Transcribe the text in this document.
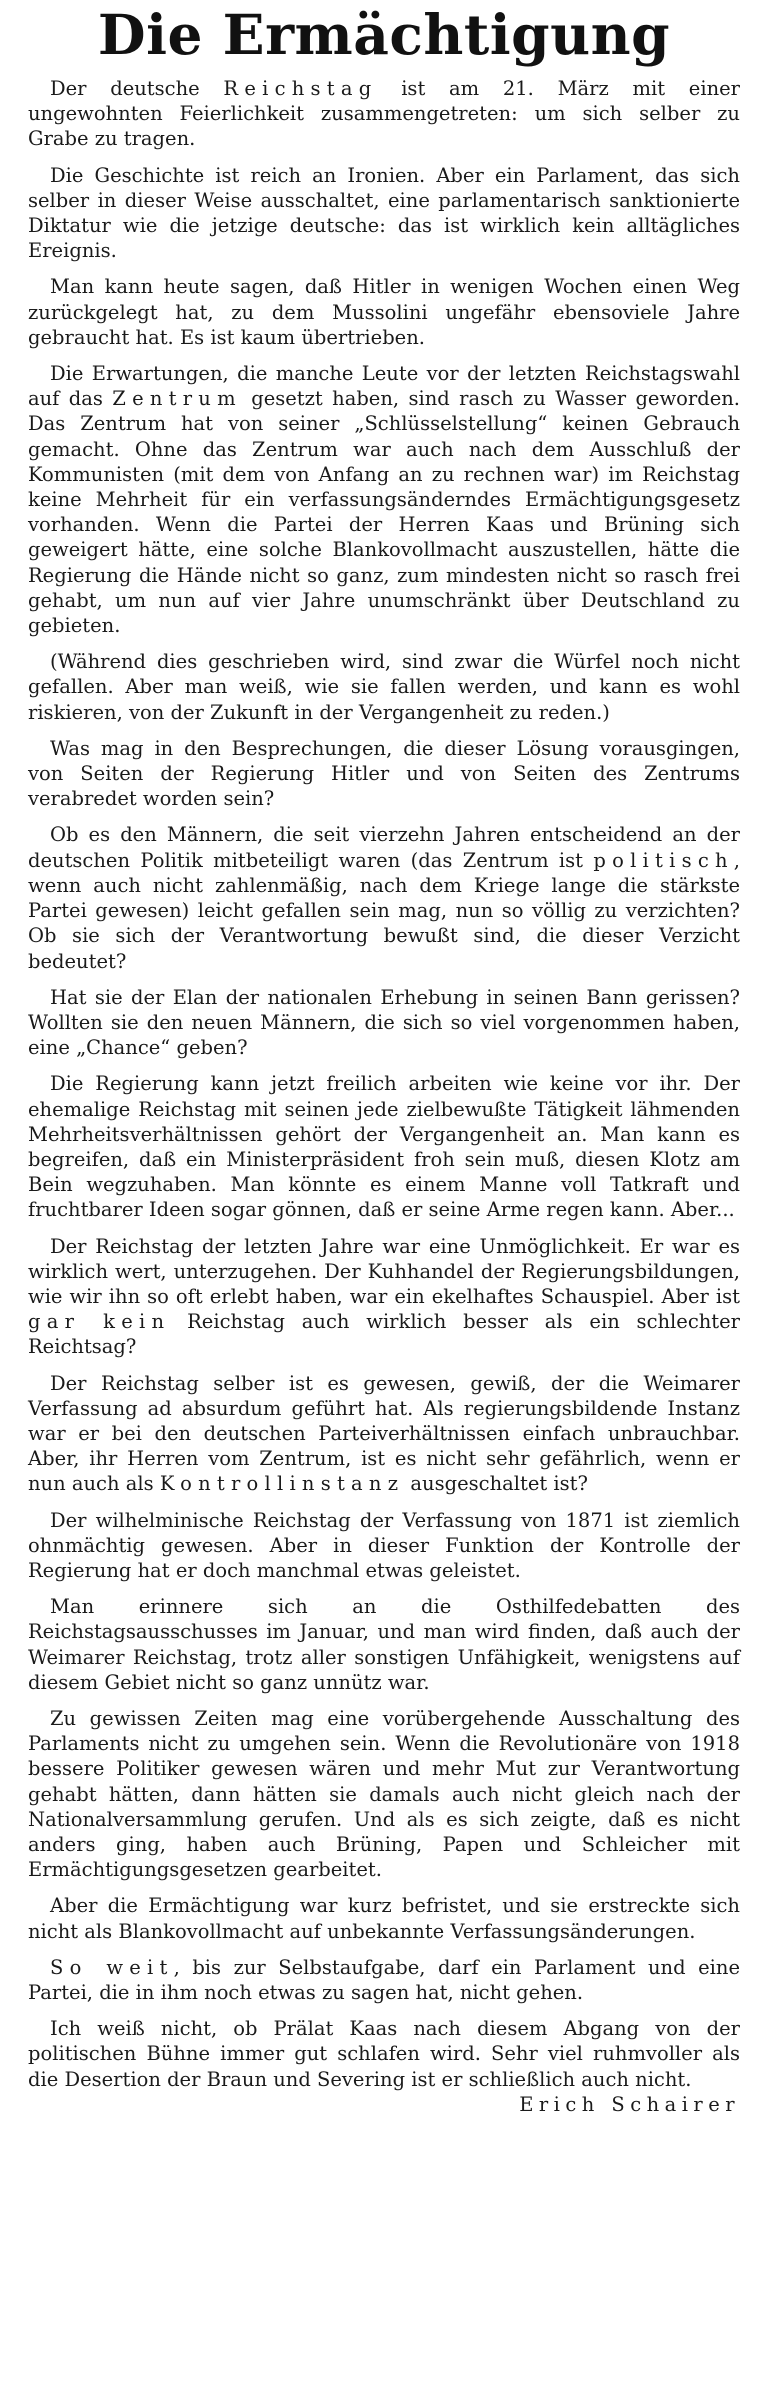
Die Ermächtigung

Der deutsche Reichstag ist am 21. März mit einer ungewohnten Feierlichkeit zusammengetreten: um sich selber zu Grabe zu tragen.

Die Geschichte ist reich an Ironien. Aber ein Parlament, das sich selber in dieser Weise ausschaltet, eine parlamentarisch sanktionierte Diktatur wie die jetzige deutsche: das ist wirklich kein alltägliches Ereignis.

Man kann heute sagen, daß Hitler in wenigen Wochen einen Weg zurückgelegt hat, zu dem Mussolini ungefähr ebensoviele Jahre gebraucht hat. Es ist kaum übertrieben.

Die Erwartungen, die manche Leute vor der letzten Reichstagswahl auf das Zentrum gesetzt haben, sind rasch zu Wasser geworden. Das Zentrum hat von seiner „Schlüsselstellung“ keinen Gebrauch gemacht. Ohne das Zentrum war auch nach dem Ausschluß der Kommunisten (mit dem von Anfang an zu rechnen war) im Reichstag keine Mehrheit für ein verfassungsänderndes Ermächtigungsgesetz vorhanden. Wenn die Partei der Herren Kaas und Brüning sich geweigert hätte, eine solche Blankovollmacht auszustellen, hätte die Regierung die Hände nicht so ganz, zum mindesten nicht so rasch frei gehabt, um nun auf vier Jahre unumschränkt über Deutschland zu gebieten.

(Während dies geschrieben wird, sind zwar die Würfel noch nicht gefallen. Aber man weiß, wie sie fallen werden, und kann es wohl riskieren, von der Zukunft in der Vergangenheit zu reden.)

Was mag in den Besprechungen, die dieser Lösung vorausgingen, von Seiten der Regierung Hitler und von Seiten des Zentrums verabredet worden sein?

Ob es den Männern, die seit vierzehn Jahren entscheidend an der deutschen Politik mitbeteiligt waren (das Zentrum ist politisch, wenn auch nicht zahlenmäßig, nach dem Kriege lange die stärkste Partei gewesen) leicht gefallen sein mag, nun so völlig zu verzichten? Ob sie sich der Verantwortung bewußt sind, die dieser Verzicht bedeutet?

Hat sie der Elan der nationalen Erhebung in seinen Bann gerissen? Wollten sie den neuen Männern, die sich so viel vorgenommen haben, eine „Chance“ geben?

Die Regierung kann jetzt freilich arbeiten wie keine vor ihr. Der ehemalige Reichstag mit seinen jede zielbewußte Tätigkeit lähmenden Mehrheitsverhältnissen gehört der Vergangenheit an. Man kann es begreifen, daß ein Ministerpräsident froh sein muß, diesen Klotz am Bein wegzuhaben. Man könnte es einem Manne voll Tatkraft und fruchtbarer Ideen sogar gönnen, daß er seine Arme regen kann. Aber...

Der Reichstag der letzten Jahre war eine Unmöglichkeit. Er war es wirklich wert, unterzugehen. Der Kuhhandel der Regierungsbildungen, wie wir ihn so oft erlebt haben, war ein ekelhaftes Schauspiel. Aber ist gar kein Reichstag auch wirklich besser als ein schlechter Reichtsag?

Der Reichstag selber ist es gewesen, gewiß, der die Weimarer Verfassung ad absurdum geführt hat. Als regierungsbildende Instanz war er bei den deutschen Parteiverhältnissen einfach unbrauchbar. Aber, ihr Herren vom Zentrum, ist es nicht sehr gefährlich, wenn er nun auch als Kontrollinstanz ausgeschaltet ist?

Der wilhelminische Reichstag der Verfassung von 1871 ist ziemlich ohnmächtig gewesen. Aber in dieser Funktion der Kontrolle der Regierung hat er doch manchmal etwas geleistet.

Man erinnere sich an die Osthilfedebatten des Reichstagsausschusses im Januar, und man wird finden, daß auch der Weimarer Reichstag, trotz aller sonstigen Unfähigkeit, wenigstens auf diesem Gebiet nicht so ganz unnütz war.

Zu gewissen Zeiten mag eine vorübergehende Ausschaltung des Parlaments nicht zu umgehen sein. Wenn die Revolutionäre von 1918 bessere Politiker gewesen wären und mehr Mut zur Verantwortung gehabt hätten, dann hätten sie damals auch nicht gleich nach der Nationalversammlung gerufen. Und als es sich zeigte, daß es nicht anders ging, haben auch Brüning, Papen und Schleicher mit Ermächtigungsgesetzen gearbeitet.

Aber die Ermächtigung war kurz befristet, und sie erstreckte sich nicht als Blankovollmacht auf unbekannte Verfassungsänderungen.

So weit, bis zur Selbstaufgabe, darf ein Parlament und eine Partei, die in ihm noch etwas zu sagen hat, nicht gehen.

Ich weiß nicht, ob Prälat Kaas nach diesem Abgang von der politischen Bühne immer gut schlafen wird. Sehr viel ruhmvoller als die Desertion der Braun und Severing ist er schließlich auch nicht.
Erich Schairer
